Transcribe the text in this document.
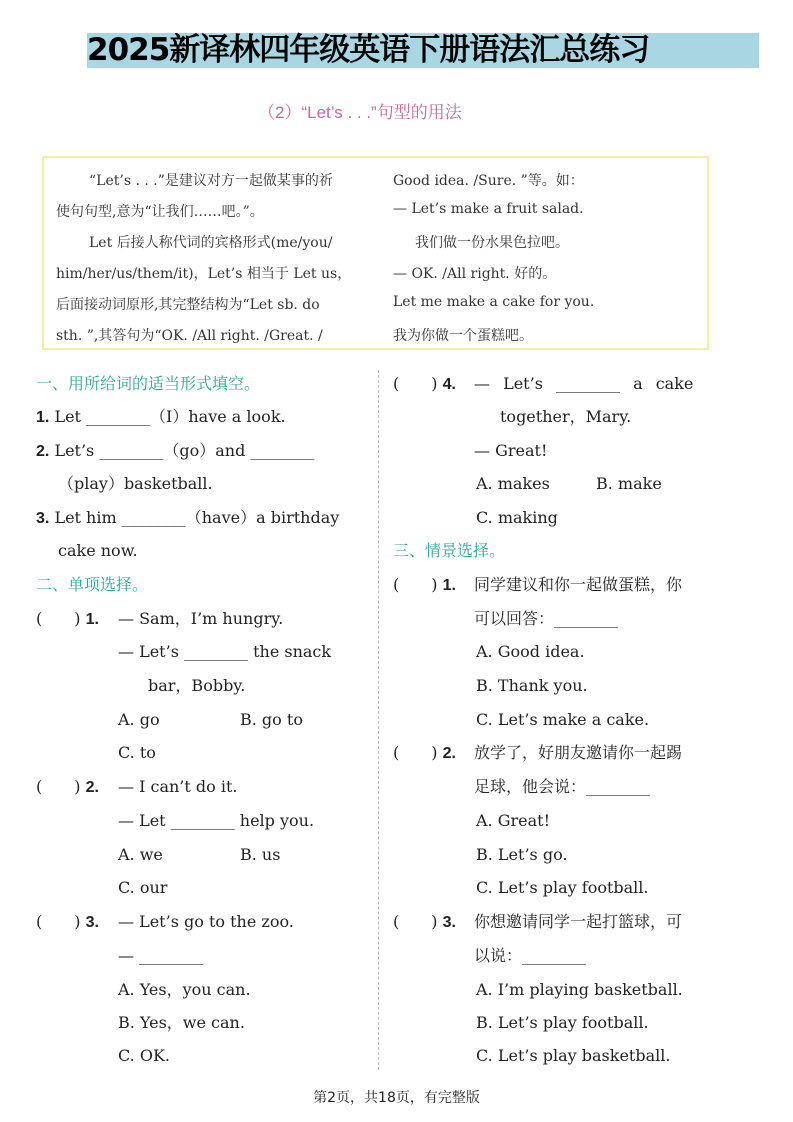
2025新译林四年级英语下册语法汇总练习
（2）“Let’s . . .”句型的用法
“Let’s . . .”是建议对方一起做某事的祈
使句句型,意为“让我们……吧。”。
Let 后接人称代词的宾格形式(me/you/
him/her/us/them/it)，Let’s 相当于 Let us，
后面接动词原形,其完整结构为“Let sb. do
sth. ”,其答句为“OK. /All right. /Great. /
Good idea. /Sure. ”等。如：
— Let’s make a fruit salad.
我们做一份水果色拉吧。
— OK. /All right. 好的。
Let me make a cake for you.
我为你做一个蛋糕吧。
一、用所给词的适当形式填空。
1. Let ________（I）have a look.
2. Let’s ________（go）and ________
（play）basketball.
3. Let him ________（have）a birthday
cake now.
二、单项选择。
(　　) 1. — Sam，I’m hungry.
— Let’s ________ the snack
bar，Bobby.
A. go	B. go to
C. to
(　　) 2. — I can’t do it.
— Let ________ help you.
A. we	B. us
C. our
(　　) 3. — Let’s go to the zoo.
— ________
A. Yes，you can.
B. Yes，we can.
C. OK.
(　　) 4. — Let’s ________ a cake
together，Mary.
— Great!
A. makes	B. make
C. making
三、情景选择。
(　　) 1. 同学建议和你一起做蛋糕，你
可以回答：________
A. Good idea.
B. Thank you.
C. Let’s make a cake.
(　　) 2. 放学了，好朋友邀请你一起踢
足球，他会说：________
A. Great!
B. Let’s go.
C. Let’s play football.
(　　) 3. 你想邀请同学一起打篮球，可
以说：________
A. I’m playing basketball.
B. Let’s play football.
C. Let’s play basketball.
第2页，共18页，有完整版
